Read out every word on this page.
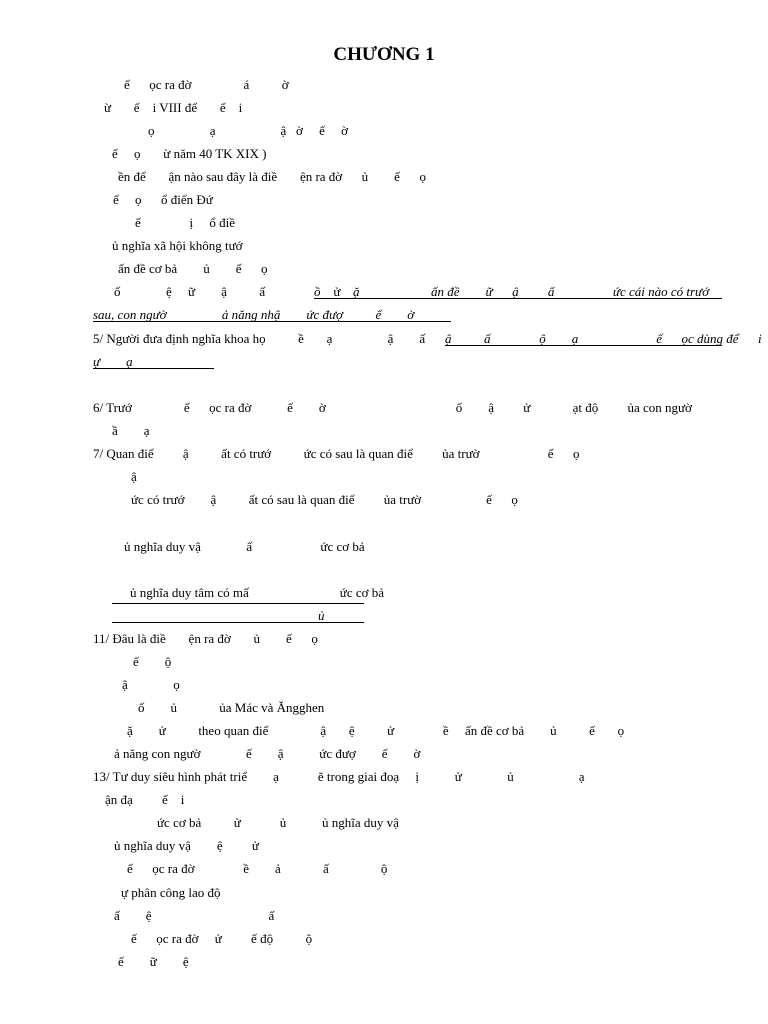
CHƯƠNG 1
ế      ọc ra đờ                á          ờ
ừ       ế    i VIII để       ế    i
ọ                 ạ                    ậ   ờ     ế     ờ
ế     ọ       ừ năm 40 TK XIX )
ền để       ận nào sau đây là điề       ện ra đờ      ủ        ế      ọ
ế     ọ      ổ điển Đứ
ế               ị     ổ điề
ủ nghĩa xã hội không tướ
ấn đề cơ bả        ủ        ế      ọ
ố              ệ     ữ        ậ          ấ                     ử
ồ          ặ                      ấn đề        ữ      ậ         ấ                  ức cái nào có trướ
sau, con ngườ                 ả năng nhậ        ức đượ          ế        ờ
5/ Người đưa định nghĩa khoa họ          ề       ạ                 ậ        ấ ậ          ấ               ộ        ạ                        ế      ọc dùng để      i
ự        ạ
6/ Trướ                ế      ọc ra đờ           ế        ờ                                        ố        ậ         ử             ạt độ         ủa con ngườ
ầ        ạ
7/ Quan điể         ậ          ất có trướ          ức có sau là quan điể         ủa trườ                     ế      ọ
ậ
ức có trướ        ậ          ất có sau là quan điể         ủa trườ                    ế      ọ
ủ nghĩa duy vậ              ấ                     ức cơ bả
ủ nghĩa duy tâm có mấ                            ức cơ bả
ủ
11/ Đâu là điề       ện ra đờ       ủ        ế      ọ
ế        ộ
ậ              ọ
ố        ủ             ủa Mác và Ăngghen
ặ        ử          theo quan điể                ậ       ệ          ử               ề     ấn đề cơ bả        ủ          ế       ọ
ả năng con ngườ              ế        ậ           ức đượ        ế        ờ
13/ Tư duy siêu hình phát triể        ạ            ẽ trong giai đoạ     ị           ử              ủ                    ạ
ận đạ         ế    i
ức cơ bả          ử            ủ           ủ nghĩa duy vậ
ủ nghĩa duy vậ        ệ         ử
ế      ọc ra đờ               ề        ả             ấ                ộ
ự phân công lao độ
ấ        ệ                                    ấ
ế      ọc ra đờ     ử         ế độ          ộ
ế        ữ        ệ
